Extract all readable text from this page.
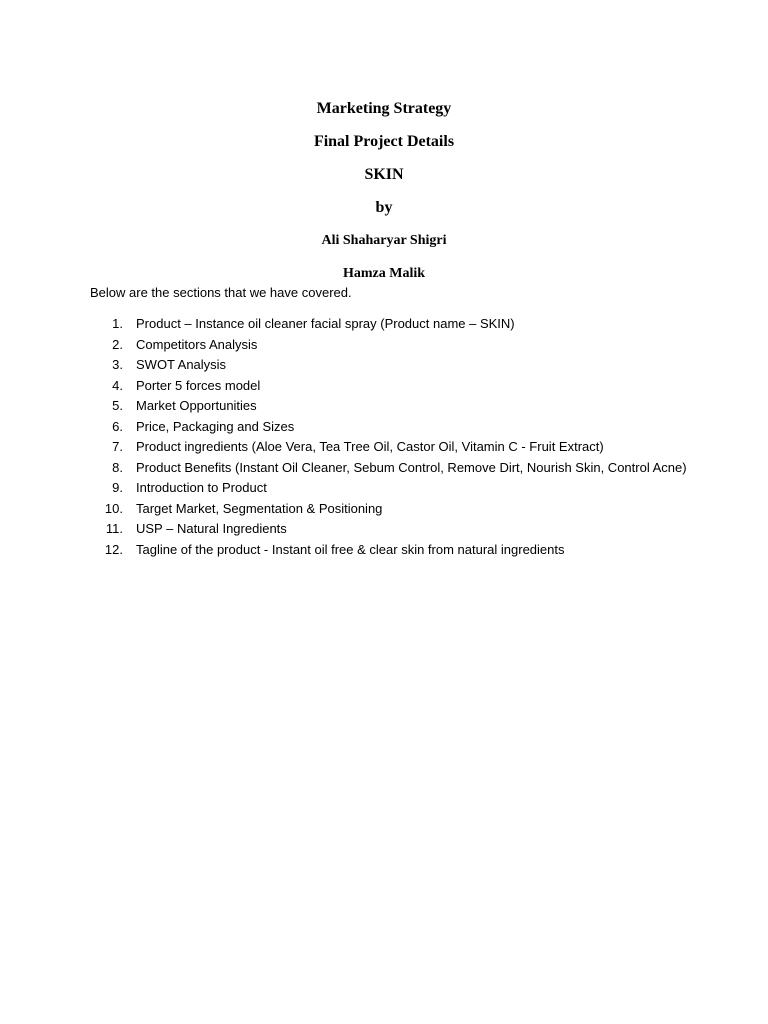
Marketing Strategy
Final Project Details
SKIN
by
Ali Shaharyar Shigri
Hamza Malik
Below are the sections that we have covered.
1. Product – Instance oil cleaner facial spray (Product name – SKIN)
2. Competitors Analysis
3. SWOT Analysis
4. Porter 5 forces model
5. Market Opportunities
6. Price, Packaging and Sizes
7. Product ingredients (Aloe Vera, Tea Tree Oil, Castor Oil, Vitamin C - Fruit Extract)
8. Product Benefits (Instant Oil Cleaner, Sebum Control, Remove Dirt, Nourish Skin, Control Acne)
9. Introduction to Product
10. Target Market, Segmentation & Positioning
11. USP – Natural Ingredients
12. Tagline of the product - Instant oil free & clear skin from natural ingredients
